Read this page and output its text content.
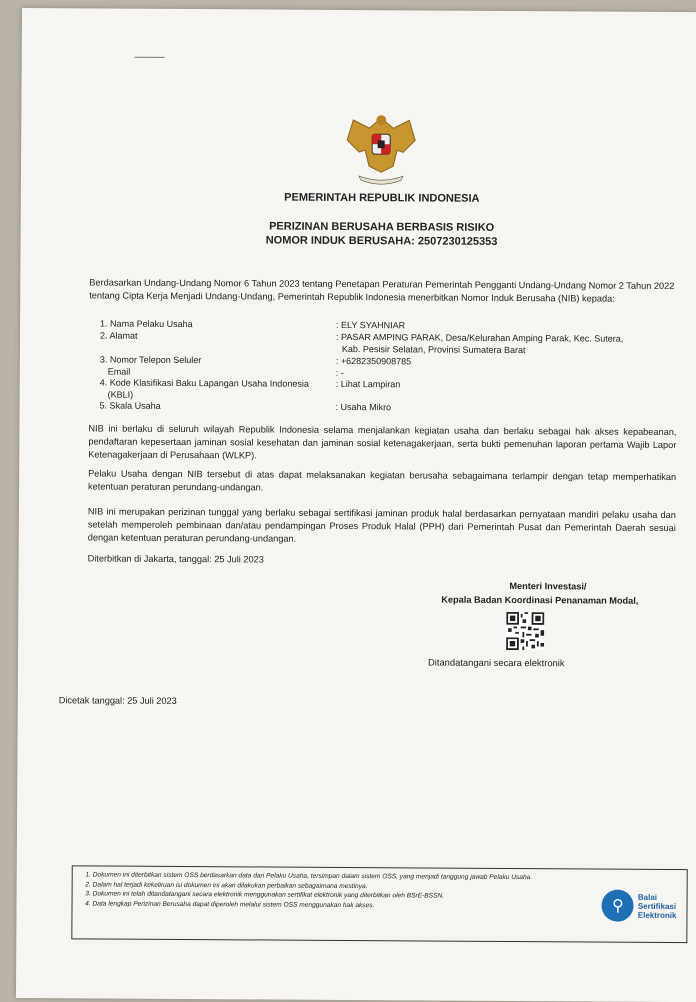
PEMERINTAH REPUBLIK INDONESIA
PERIZINAN BERUSAHA BERBASIS RISIKO
NOMOR INDUK BERUSAHA: 2507230125353
Berdasarkan Undang-Undang Nomor 6 Tahun 2023 tentang Penetapan Peraturan Pemerintah Pengganti Undang-Undang Nomor 2 Tahun 2022 tentang Cipta Kerja Menjadi Undang-Undang, Pemerintah Republik Indonesia menerbitkan Nomor Induk Berusaha (NIB) kepada:
1. Nama Pelaku Usaha	: ELY SYAHNIAR
2. Alamat	: PASAR AMPING PARAK, Desa/Kelurahan Amping Parak, Kec. Sutera,
Kab. Pesisir Selatan, Provinsi Sumatera Barat
3. Nomor Telepon Seluler	: +6282350908785
Email	: -
4. Kode Klasifikasi Baku Lapangan Usaha Indonesia
(KBLI)
: Lihat Lampiran
5. Skala Usaha	: Usaha Mikro
NIB ini berlaku di seluruh wilayah Republik Indonesia selama menjalankan kegiatan usaha dan berlaku sebagai hak akses kepabeanan, pendaftaran kepesertaan jaminan sosial kesehatan dan jaminan sosial ketenagakerjaan, serta bukti pemenuhan laporan pertama Wajib Lapor Ketenagakerjaan di Perusahaan (WLKP).
Pelaku Usaha dengan NIB tersebut di atas dapat melaksanakan kegiatan berusaha sebagaimana terlampir dengan tetap memperhatikan ketentuan peraturan perundang-undangan.
NIB ini merupakan perizinan tunggal yang berlaku sebagai sertifikasi jaminan produk halal berdasarkan pernyataan mandiri pelaku usaha dan setelah memperoleh pembinaan dan/atau pendampingan Proses Produk Halal (PPH) dari Pemerintah Pusat dan Pemerintah Daerah sesuai dengan ketentuan peraturan perundang-undangan.
Diterbitkan di Jakarta, tanggal: 25 Juli 2023
Menteri Investasi/
Kepala Badan Koordinasi Penanaman Modal,
Ditandatangani secara elektronik
Dicetak tanggal: 25 Juli 2023
1. Dokumen ini diterbitkan sistem OSS berdasarkan data dari Pelaku Usaha, tersimpan dalam sistem OSS, yang menjadi tanggung jawab Pelaku Usaha.
2. Dalam hal terjadi kekeliruan isi dokumen ini akan dilakukan perbaikan sebagaimana mestinya.
3. Dokumen ini telah ditandatangani secara elektronik menggunakan sertifikat elektronik yang diterbitkan oleh BSrE-BSSN.
4. Data lengkap Perizinan Berusaha dapat diperoleh melalui sistem OSS menggunakan hak akses.	⚲
Balai
Sertifikasi
Elektronik
